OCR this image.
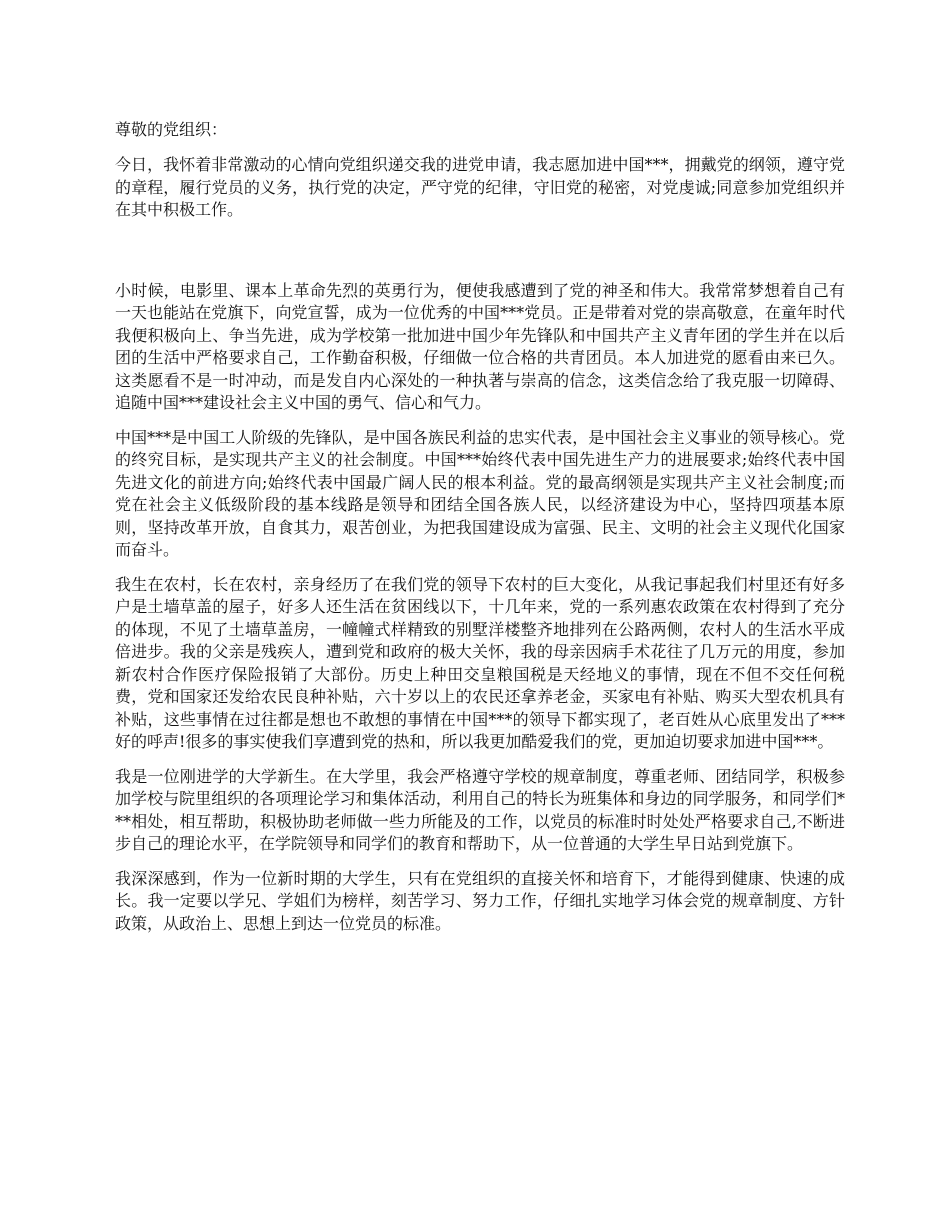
尊敬的党组织：

今日，我怀着非常激动的心情向党组织递交我的进党申请，我志愿加进中国***，拥戴党的纲领，遵守党的章程，履行党员的义务，执行党的决定，严守党的纪律，守旧党的秘密，对党虔诚;同意参加党组织并在其中积极工作。

小时候，电影里、课本上革命先烈的英勇行为，便使我感遭到了党的神圣和伟大。我常常梦想着自己有一天也能站在党旗下，向党宣誓，成为一位优秀的中国***党员。正是带着对党的崇高敬意，在童年时代我便积极向上、争当先进，成为学校第一批加进中国少年先锋队和中国共产主义青年团的学生并在以后团的生活中严格要求自己，工作勤奋积极，仔细做一位合格的共青团员。本人加进党的愿看由来已久。这类愿看不是一时冲动，而是发自内心深处的一种执著与崇高的信念，这类信念给了我克服一切障碍、追随中国***建设社会主义中国的勇气、信心和气力。

中国***是中国工人阶级的先锋队，是中国各族民利益的忠实代表，是中国社会主义事业的领导核心。党的终究目标，是实现共产主义的社会制度。中国***始终代表中国先进生产力的进展要求;始终代表中国先进文化的前进方向;始终代表中国最广阔人民的根本利益。党的最高纲领是实现共产主义社会制度;而党在社会主义低级阶段的基本线路是领导和团结全国各族人民，以经济建设为中心，坚持四项基本原则，坚持改革开放，自食其力，艰苦创业，为把我国建设成为富强、民主、文明的社会主义现代化国家而奋斗。

我生在农村，长在农村，亲身经历了在我们党的领导下农村的巨大变化，从我记事起我们村里还有好多户是土墙草盖的屋子，好多人还生活在贫困线以下，十几年来，党的一系列惠农政策在农村得到了充分的体现，不见了土墙草盖房，一幢幢式样精致的别墅洋楼整齐地排列在公路两侧，农村人的生活水平成倍进步。我的父亲是残疾人，遭到党和政府的极大关怀，我的母亲因病手术花往了几万元的用度，参加新农村合作医疗保险报销了大部份。历史上种田交皇粮国税是天经地义的事情，现在不但不交任何税费，党和国家还发给农民良种补贴，六十岁以上的农民还拿养老金，买家电有补贴、购买大型农机具有补贴，这些事情在过往都是想也不敢想的事情在中国***的领导下都实现了，老百姓从心底里发出了***好的呼声!很多的事实使我们享遭到党的热和，所以我更加酷爱我们的党，更加迫切要求加进中国***。

我是一位刚进学的大学新生。在大学里，我会严格遵守学校的规章制度，尊重老师、团结同学，积极参加学校与院里组织的各项理论学习和集体活动，利用自己的特长为班集体和身边的同学服务，和同学们***相处，相互帮助，积极协助老师做一些力所能及的工作，以党员的标准时时处处严格要求自己,不断进步自己的理论水平，在学院领导和同学们的教育和帮助下，从一位普通的大学生早日站到党旗下。

我深深感到，作为一位新时期的大学生，只有在党组织的直接关怀和培育下，才能得到健康、快速的成长。我一定要以学兄、学姐们为榜样，刻苦学习、努力工作，仔细扎实地学习体会党的规章制度、方针政策，从政治上、思想上到达一位党员的标准。
